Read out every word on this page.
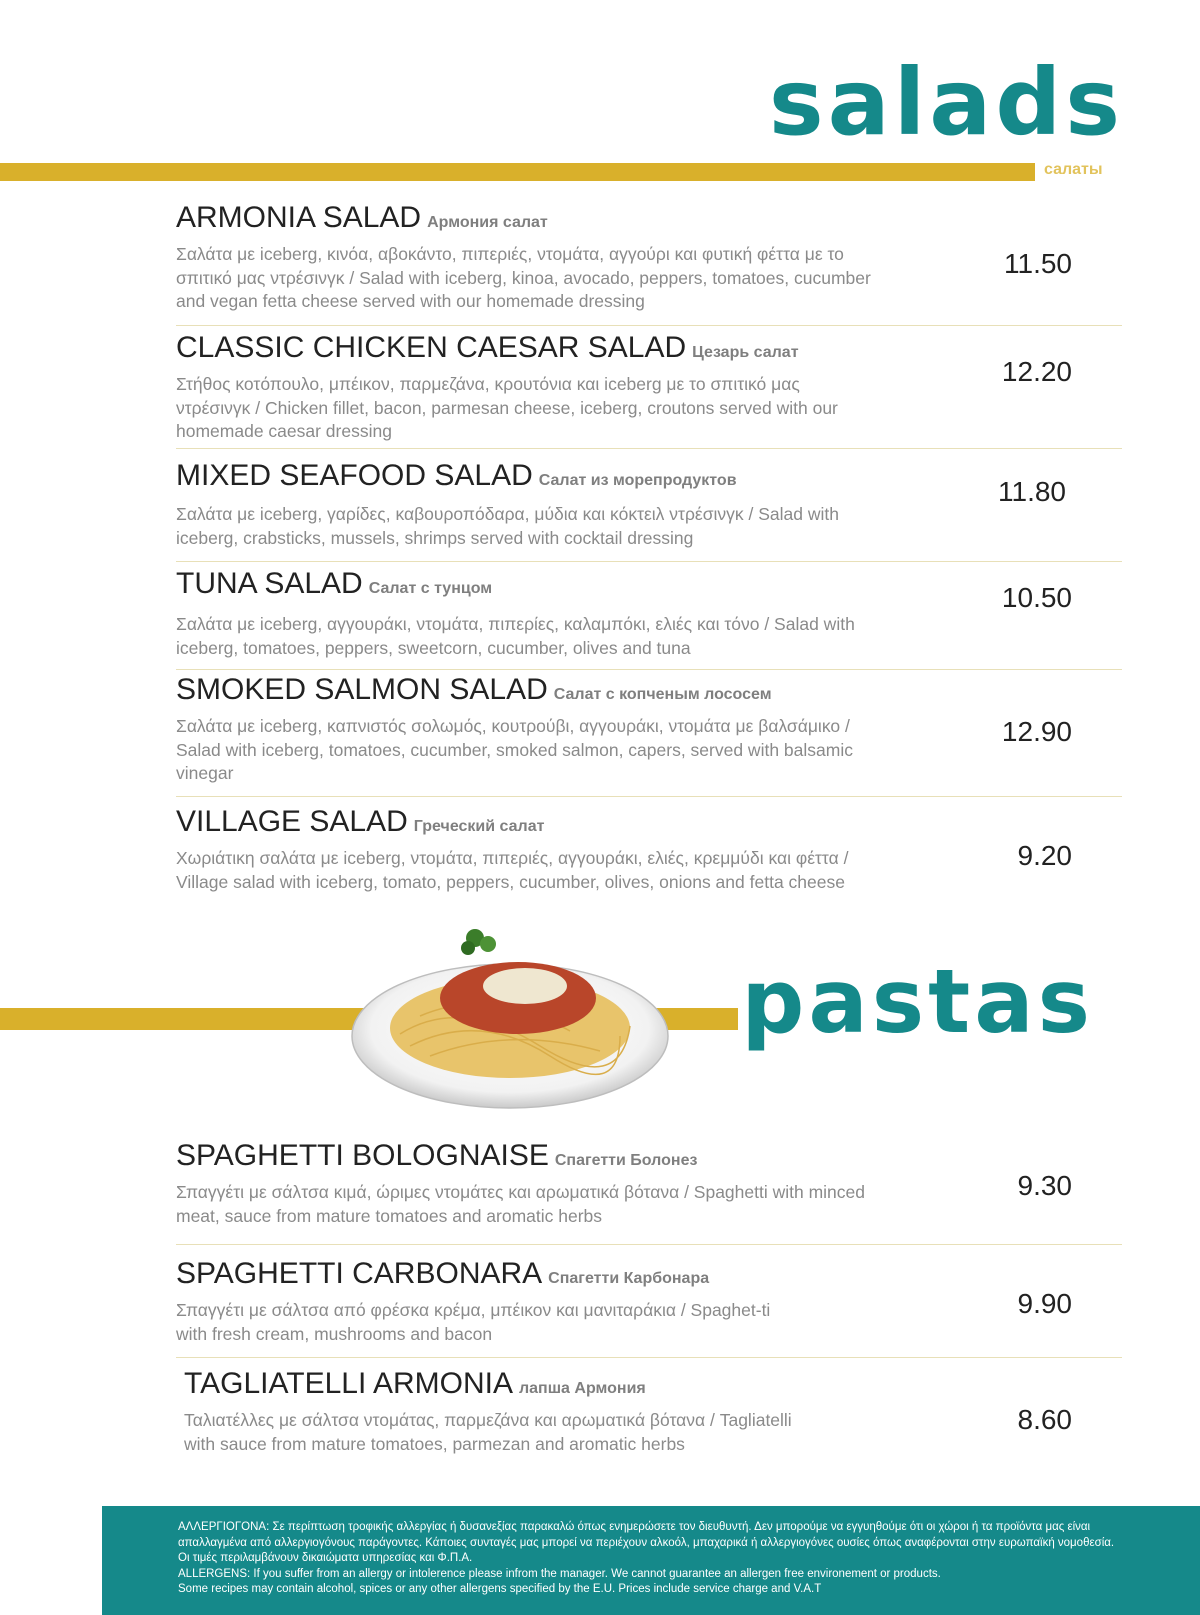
salads
салаты
ARMONIA SALAD Армония салат
Σαλάτα με iceberg, κινόα, αβοκάντο, πιπεριές, ντομάτα, αγγούρι και φυτική φέττα με το σπιτικό μας ντρέσινγκ / Salad with iceberg, kinoa, avocado, peppers, tomatoes, cucumber and vegan fetta cheese served with our homemade dressing
11.50
CLASSIC CHICKEN CAESAR SALAD Цезарь салат
Στήθος κοτόπουλο, μπέικον, παρμεζάνα, κρουτόνια και iceberg με το σπιτικό μας ντρέσινγκ / Chicken fillet, bacon, parmesan cheese, iceberg, croutons served with our homemade caesar dressing
12.20
MIXED SEAFOOD SALAD Салат из морепродуктов
Σαλάτα με iceberg, γαρίδες, καβουροπόδαρα, μύδια και κόκτειλ ντρέσινγκ / Salad with iceberg, crabsticks, mussels, shrimps served with cocktail dressing
11.80
TUNA SALAD Салат с тунцом
Σαλάτα με iceberg, αγγουράκι, ντομάτα, πιπερίες, καλαμπόκι, ελιές και τόνο / Salad with iceberg, tomatoes, peppers, sweetcorn, cucumber, olives and tuna
10.50
SMOKED SALMON SALAD Салат с копченым лососем
Σαλάτα με iceberg, καπνιστός σολωμός, κουτρούβι, αγγουράκι, ντομάτα με βαλσάμικο / Salad with iceberg, tomatoes, cucumber, smoked salmon, capers, served with balsamic vinegar
12.90
VILLAGE SALAD Греческий салат
Χωριάτικη σαλάτα με iceberg, ντομάτα, πιπεριές, αγγουράκι, ελιές, κρεμμύδι και φέττα / Village salad with iceberg, tomato, peppers, cucumber, olives, onions and fetta cheese
9.20
pastas
SPAGHETTI BOLOGNAISE Спагетти Болонез
Σπαγγέτι με σάλτσα κιμά, ώριμες ντομάτες και αρωματικά βότανα / Spaghetti with minced meat, sauce from mature tomatoes and aromatic herbs
9.30
SPAGHETTI CARBONARA Спагетти Карбонара
Σπαγγέτι με σάλτσα από φρέσκα κρέμα, μπέικον και μανιταράκια / Spaghet-ti with fresh cream, mushrooms and bacon
9.90
TAGLIATELLI ARMONIA лапша Армония
Ταλιατέλλες με σάλτσα ντομάτας, παρμεζάνα και αρωματικά βότανα / Tagliatelli with sauce from mature tomatoes, parmezan and aromatic herbs
8.60
ΑΛΛΕΡΓΙΟΓΟΝΑ: Σε περίπτωση τροφικής αλλεργίας ή δυσανεξίας παρακαλώ όπως ενημερώσετε τον διευθυντή. Δεν μπορούμε να εγγυηθούμε ότι οι χώροι ή τα προϊόντα μας είναι
απαλλαγμένα από αλλεργιογόνους παράγοντες. Κάποιες συνταγές μας μπορεί να περιέχουν αλκοόλ, μπαχαρικά ή αλλεργιογόνες ουσίες όπως αναφέρονται στην ευρωπαϊκή νομοθεσία.
Οι τιμές περιλαμβάνουν δικαιώματα υπηρεσίας και Φ.Π.Α.
ALLERGENS: If you suffer from an allergy or intolerence please infrom the manager. We cannot guarantee an allergen free environement or products.
Some recipes may contain alcohol, spices or any other allergens specified by the E.U. Prices include service charge and V.A.T
